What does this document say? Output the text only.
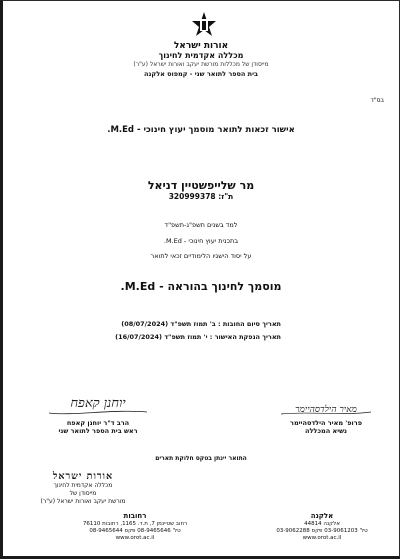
אורות ישראל
מכללה אקדמית לחינוך
מייסודן של מכללות מורשת יעקב ואורות ישראל (ע"ר)
בית הספר לתואר שני - קמפוס אלקנה
בס"ד
אישור זכאות לתואר מוסמך יעוץ חינוכי - M.Ed.
מר שלייפשטיין דניאל
ת"ז: 320999378
למד בשנים תשפ"ג-תשפ"ד
בתכנית יעוץ חינוכי - M.Ed.
על יסוד הישגיו הלימודיים זכאי לתואר
מוסמך לחינוך בהוראה - M.Ed.
תאריך סיום החובות : ב' תמוז תשפ"ד (08/07/2024)
תאריך הנפקת האישור : י' תמוז תשפ"ד (16/07/2024)
יוחנן קאפח
הרב ד"ר יוחנן קאפח
ראש בית הספר לתואר שני
מאיר הילדסהיימר
פרופ' מאיר הילדסהיימר
נשיא המכללה
התואר יינתן בטקס חלוקת תארים
אורות ישראל
מכללה אקדמית לחינוך
מייסודן של
מורשת יעקב ואורות ישראל (ע"ר)
אלקנה
אלקנה 44814
טל' 03-9061203 פקס 03-9062288
www.orot.ac.il
רחובות
רחוב שטיינמן 7, ת.ד. 1165, רחובות 76110
טל' 08-9465646 פקס 08-9465644
www.orot.ac.il
